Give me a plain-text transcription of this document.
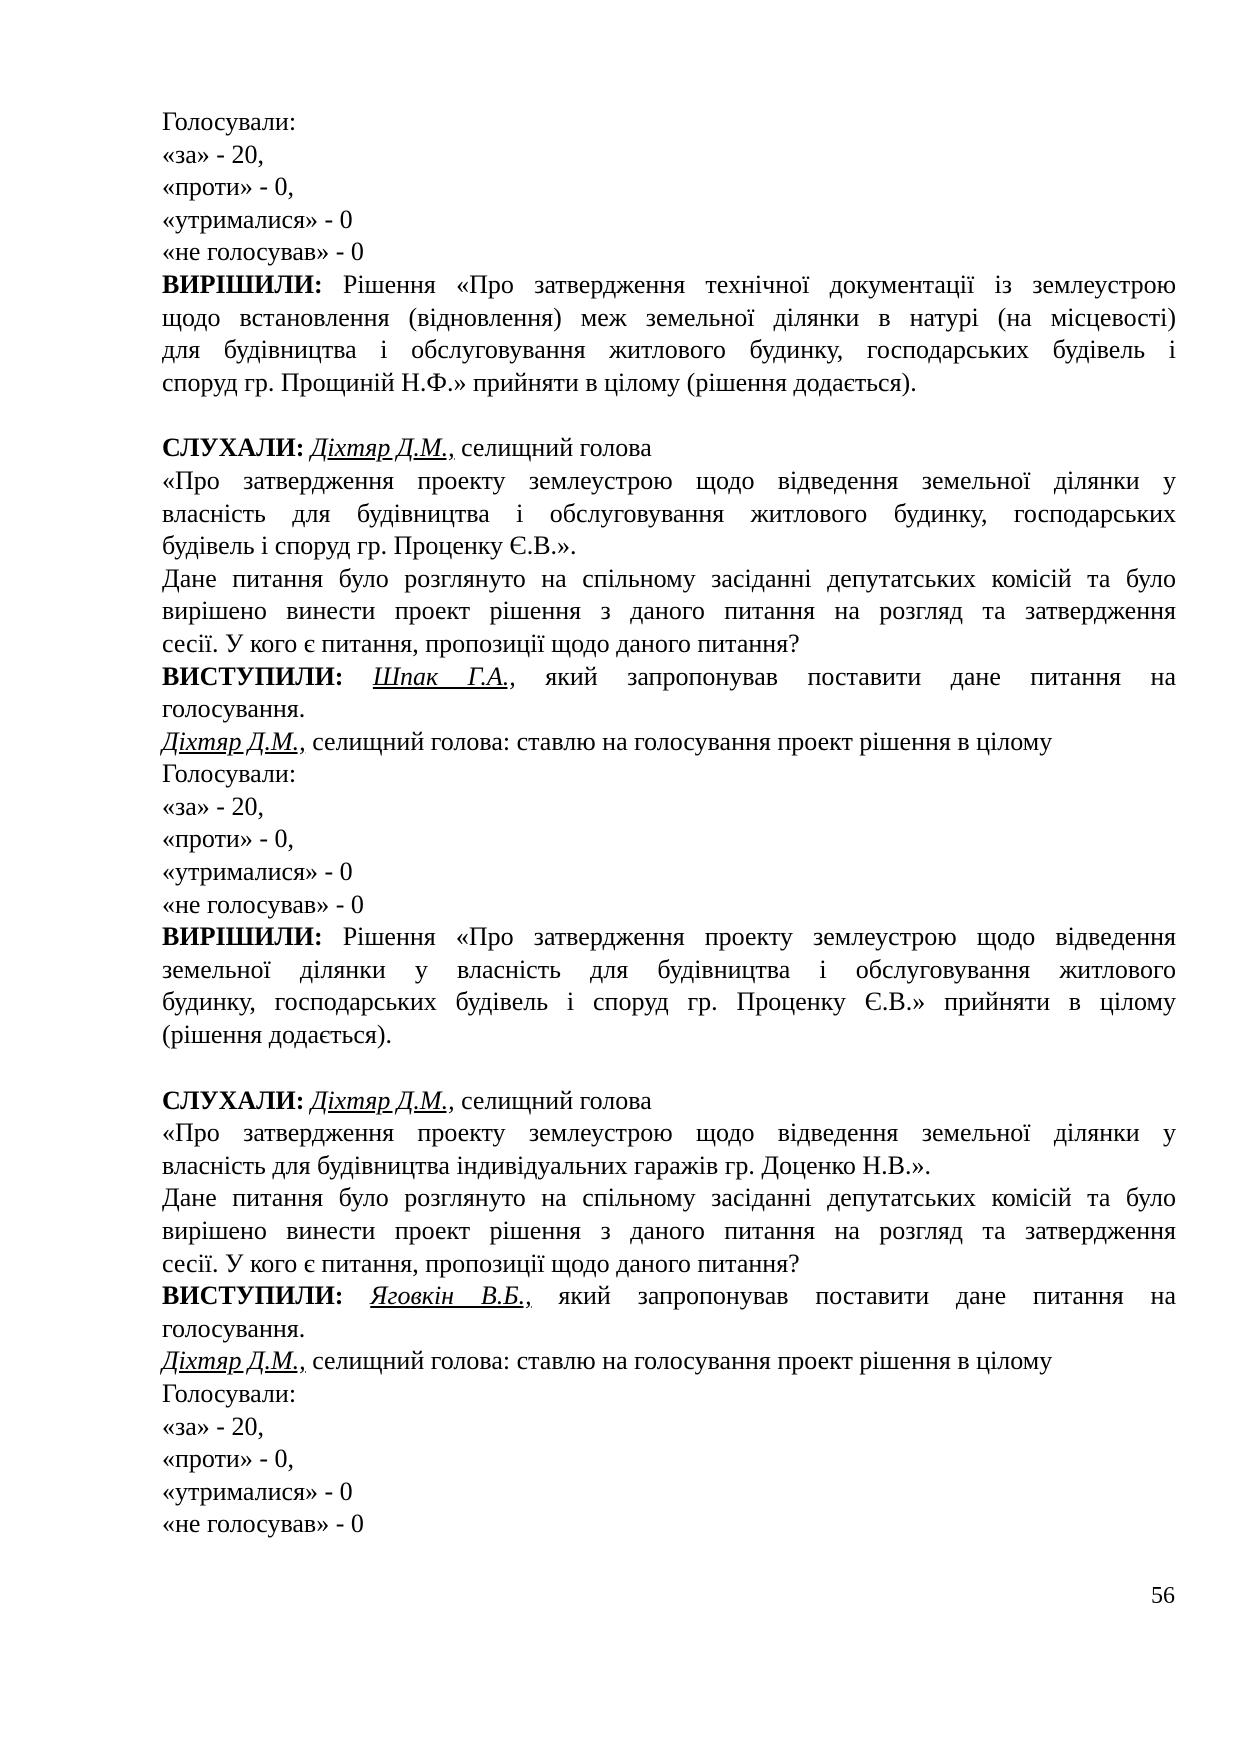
Голосували:
«за» - 20,
«проти» - 0,
«утрималися» - 0
«не голосував» - 0
ВИРІШИЛИ: Рішення «Про затвердження технічної документації із землеустрою
щодо встановлення (відновлення) меж земельної ділянки в натурі (на місцевості)
для будівництва і обслуговування житлового будинку, господарських будівель і
споруд гр. Прощиній Н.Ф.» прийняти в цілому (рішення додається).
СЛУХАЛИ: Діхтяр Д.М., селищний голова
«Про затвердження проекту землеустрою щодо відведення земельної ділянки у
власність для будівництва і обслуговування житлового будинку, господарських
будівель і споруд гр. Проценку Є.В.».
Дане питання було розглянуто на спільному засіданні депутатських комісій та було
вирішено винести проект рішення з даного питання на розгляд та затвердження
сесії. У кого є питання, пропозиції щодо даного питання?
ВИСТУПИЛИ: Шпак Г.А., який запропонував поставити дане питання на
голосування.
Діхтяр Д.М., селищний голова: ставлю на голосування проект рішення в цілому
Голосували:
«за» - 20,
«проти» - 0,
«утрималися» - 0
«не голосував» - 0
ВИРІШИЛИ: Рішення «Про затвердження проекту землеустрою щодо відведення
земельної ділянки у власність для будівництва і обслуговування житлового
будинку, господарських будівель і споруд гр. Проценку Є.В.» прийняти в цілому
(рішення додається).
СЛУХАЛИ: Діхтяр Д.М., селищний голова
«Про затвердження проекту землеустрою щодо відведення земельної ділянки у
власність для будівництва індивідуальних гаражів гр. Доценко Н.В.».
Дане питання було розглянуто на спільному засіданні депутатських комісій та було
вирішено винести проект рішення з даного питання на розгляд та затвердження
сесії. У кого є питання, пропозиції щодо даного питання?
ВИСТУПИЛИ: Яговкін В.Б., який запропонував поставити дане питання на
голосування.
Діхтяр Д.М., селищний голова: ставлю на голосування проект рішення в цілому
Голосували:
«за» - 20,
«проти» - 0,
«утрималися» - 0
«не голосував» - 0
56
